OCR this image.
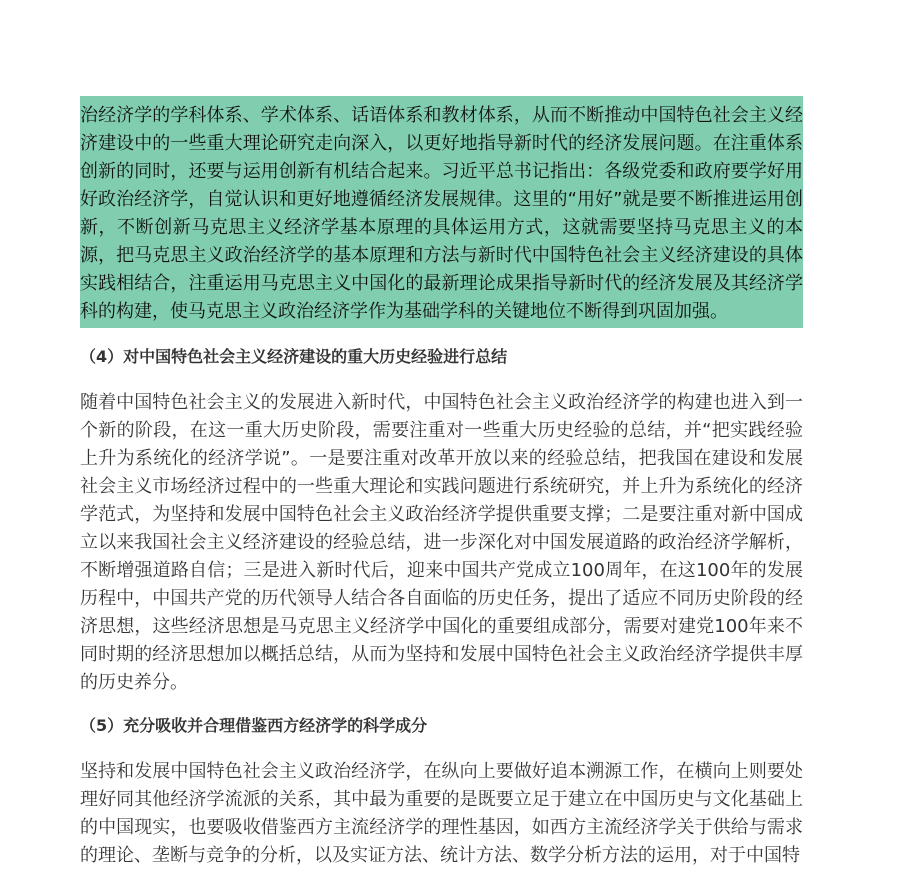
治经济学的学科体系、学术体系、话语体系和教材体系，从而不断推动中国特色社会主义经济建设中的一些重大理论研究走向深入，以更好地指导新时代的经济发展问题。在注重体系创新的同时，还要与运用创新有机结合起来。习近平总书记指出：各级党委和政府要学好用好政治经济学，自觉认识和更好地遵循经济发展规律。这里的“用好”就是要不断推进运用创新，不断创新马克思主义经济学基本原理的具体运用方式，这就需要坚持马克思主义的本源，把马克思主义政治经济学的基本原理和方法与新时代中国特色社会主义经济建设的具体实践相结合，注重运用马克思主义中国化的最新理论成果指导新时代的经济发展及其经济学科的构建，使马克思主义政治经济学作为基础学科的关键地位不断得到巩固加强。

（4）对中国特色社会主义经济建设的重大历史经验进行总结

随着中国特色社会主义的发展进入新时代，中国特色社会主义政治经济学的构建也进入到一个新的阶段，在这一重大历史阶段，需要注重对一些重大历史经验的总结，并“把实践经验上升为系统化的经济学说”。一是要注重对改革开放以来的经验总结，把我国在建设和发展社会主义市场经济过程中的一些重大理论和实践问题进行系统研究，并上升为系统化的经济学范式，为坚持和发展中国特色社会主义政治经济学提供重要支撑；二是要注重对新中国成立以来我国社会主义经济建设的经验总结，进一步深化对中国发展道路的政治经济学解析，不断增强道路自信；三是进入新时代后，迎来中国共产党成立100周年，在这100年的发展历程中，中国共产党的历代领导人结合各自面临的历史任务，提出了适应不同历史阶段的经济思想，这些经济思想是马克思主义经济学中国化的重要组成部分，需要对建党100年来不同时期的经济思想加以概括总结，从而为坚持和发展中国特色社会主义政治经济学提供丰厚的历史养分。

（5）充分吸收并合理借鉴西方经济学的科学成分

坚持和发展中国特色社会主义政治经济学，在纵向上要做好追本溯源工作，在横向上则要处理好同其他经济学流派的关系，其中最为重要的是既要立足于建立在中国历史与文化基础上的中国现实，也要吸收借鉴西方主流经济学的理性基因，如西方主流经济学关于供给与需求的理论、垄断与竞争的分析，以及实证方法、统计方法、数学分析方法的运用，对于中国特
